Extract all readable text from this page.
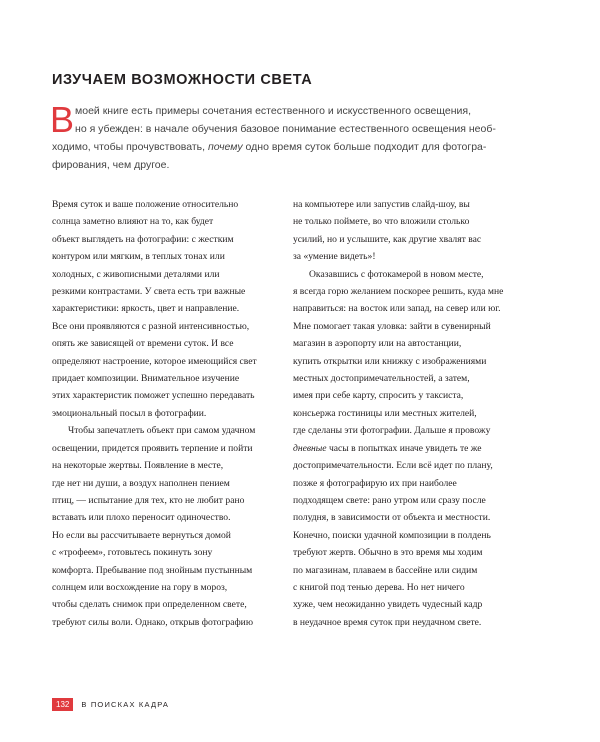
ИЗУЧАЕМ ВОЗМОЖНОСТИ СВЕТА
В моей книге есть примеры сочетания естественного и искусственного освещения,
но я убежден: в начале обучения базовое понимание естественного освещения необ-
ходимо, чтобы прочувствовать, почему одно время суток больше подходит для фотогра-
фирования, чем другое.
Время суток и ваше положение относительно
солнца заметно влияют на то, как будет
объект выглядеть на фотографии: с жестким
контуром или мягким, в теплых тонах или
холодных, с живописными деталями или
резкими контрастами. У света есть три важные
характеристики: яркость, цвет и направление.
Все они проявляются с разной интенсивностью,
опять же зависящей от времени суток. И все
определяют настроение, которое имеющийся свет
придает композиции. Внимательное изучение
этих характеристик поможет успешно передавать
эмоциональный посыл в фотографии.
Чтобы запечатлеть объект при самом удачном
освещении, придется проявить терпение и пойти
на некоторые жертвы. Появление в месте,
где нет ни души, а воздух наполнен пением
птиц, — испытание для тех, кто не любит рано
вставать или плохо переносит одиночество.
Но если вы рассчитываете вернуться домой
с «трофеем», готовьтесь покинуть зону
комфорта. Пребывание под знойным пустынным
солнцем или восхождение на гору в мороз,
чтобы сделать снимок при определенном свете,
требуют силы воли. Однако, открыв фотографию
на компьютере или запустив слайд-шоу, вы
не только поймете, во что вложили столько
усилий, но и услышите, как другие хвалят вас
за «умение видеть»!
Оказавшись с фотокамерой в новом месте,
я всегда горю желанием поскорее решить, куда мне
направиться: на восток или запад, на север или юг.
Мне помогает такая уловка: зайти в сувенирный
магазин в аэропорту или на автостанции,
купить открытки или книжку с изображениями
местных достопримечательностей, а затем,
имея при себе карту, спросить у таксиста,
консьержа гостиницы или местных жителей,
где сделаны эти фотографии. Дальше я провожу
дневные часы в попытках иначе увидеть те же
достопримечательности. Если всё идет по плану,
позже я фотографирую их при наиболее
подходящем свете: рано утром или сразу после
полудня, в зависимости от объекта и местности.
Конечно, поиски удачной композиции в полдень
требуют жертв. Обычно в это время мы ходим
по магазинам, плаваем в бассейне или сидим
с книгой под тенью дерева. Но нет ничего
хуже, чем неожиданно увидеть чудесный кадр
в неудачное время суток при неудачном свете.
132	В ПОИСКАХ КАДРА
